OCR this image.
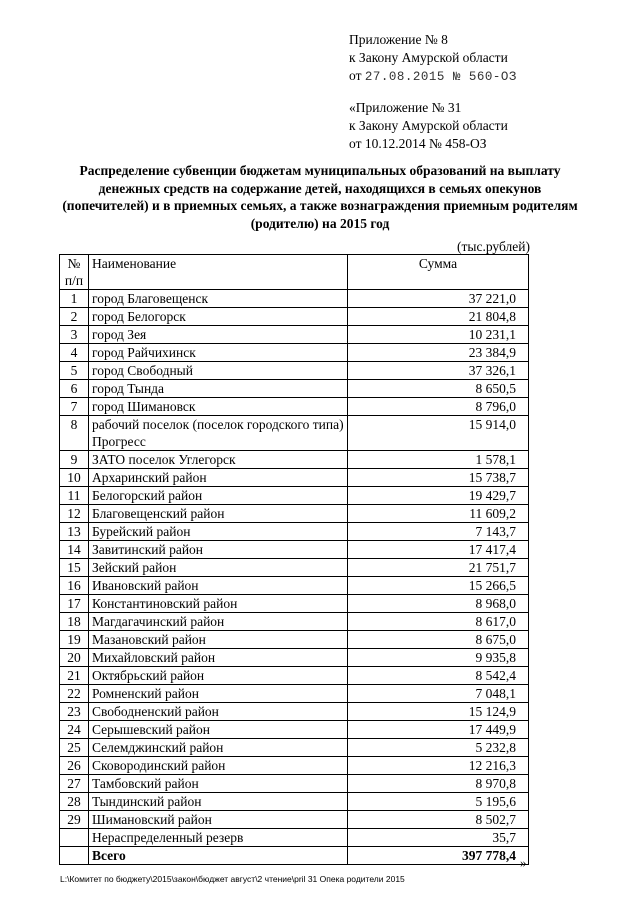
Приложение № 8
к Закону Амурской области
от 27.08.2015 № 560-ОЗ
«Приложение № 31
к Закону Амурской области
от 10.12.2014 № 458-ОЗ
Распределение субвенции бюджетам муниципальных образований на выплату денежных средств на содержание детей, находящихся в семьях опекунов (попечителей) и в приемных семьях, а также вознаграждения приемным родителям (родителю) на 2015 год
(тыс.рублей)
№ п/п	Наименование	Сумма
1	город Благовещенск	37 221,0
2	город Белогорск	21 804,8
3	город Зея	10 231,1
4	город Райчихинск	23 384,9
5	город Свободный	37 326,1
6	город Тында	8 650,5
7	город Шимановск	8 796,0
8	рабочий поселок (поселок городского типа) Прогресс	15 914,0
9	ЗАТО поселок Углегорск	1 578,1
10	Архаринский район	15 738,7
11	Белогорский район	19 429,7
12	Благовещенский район	11 609,2
13	Бурейский район	7 143,7
14	Завитинский район	17 417,4
15	Зейский район	21 751,7
16	Ивановский район	15 266,5
17	Константиновский район	8 968,0
18	Магдагачинский район	8 617,0
19	Мазановский район	8 675,0
20	Михайловский район	9 935,8
21	Октябрьский район	8 542,4
22	Ромненский район	7 048,1
23	Свободненский район	15 124,9
24	Серышевский район	17 449,9
25	Селемджинский район	5 232,8
26	Сковородинский район	12 216,3
27	Тамбовский район	8 970,8
28	Тындинский район	5 195,6
29	Шимановский район	8 502,7
	Нераспределенный резерв	35,7
	Всего	397 778,4 »
L:\Комитет по бюджету\2015\закон\бюджет август\2 чтение\pril 31 Опека родители 2015
